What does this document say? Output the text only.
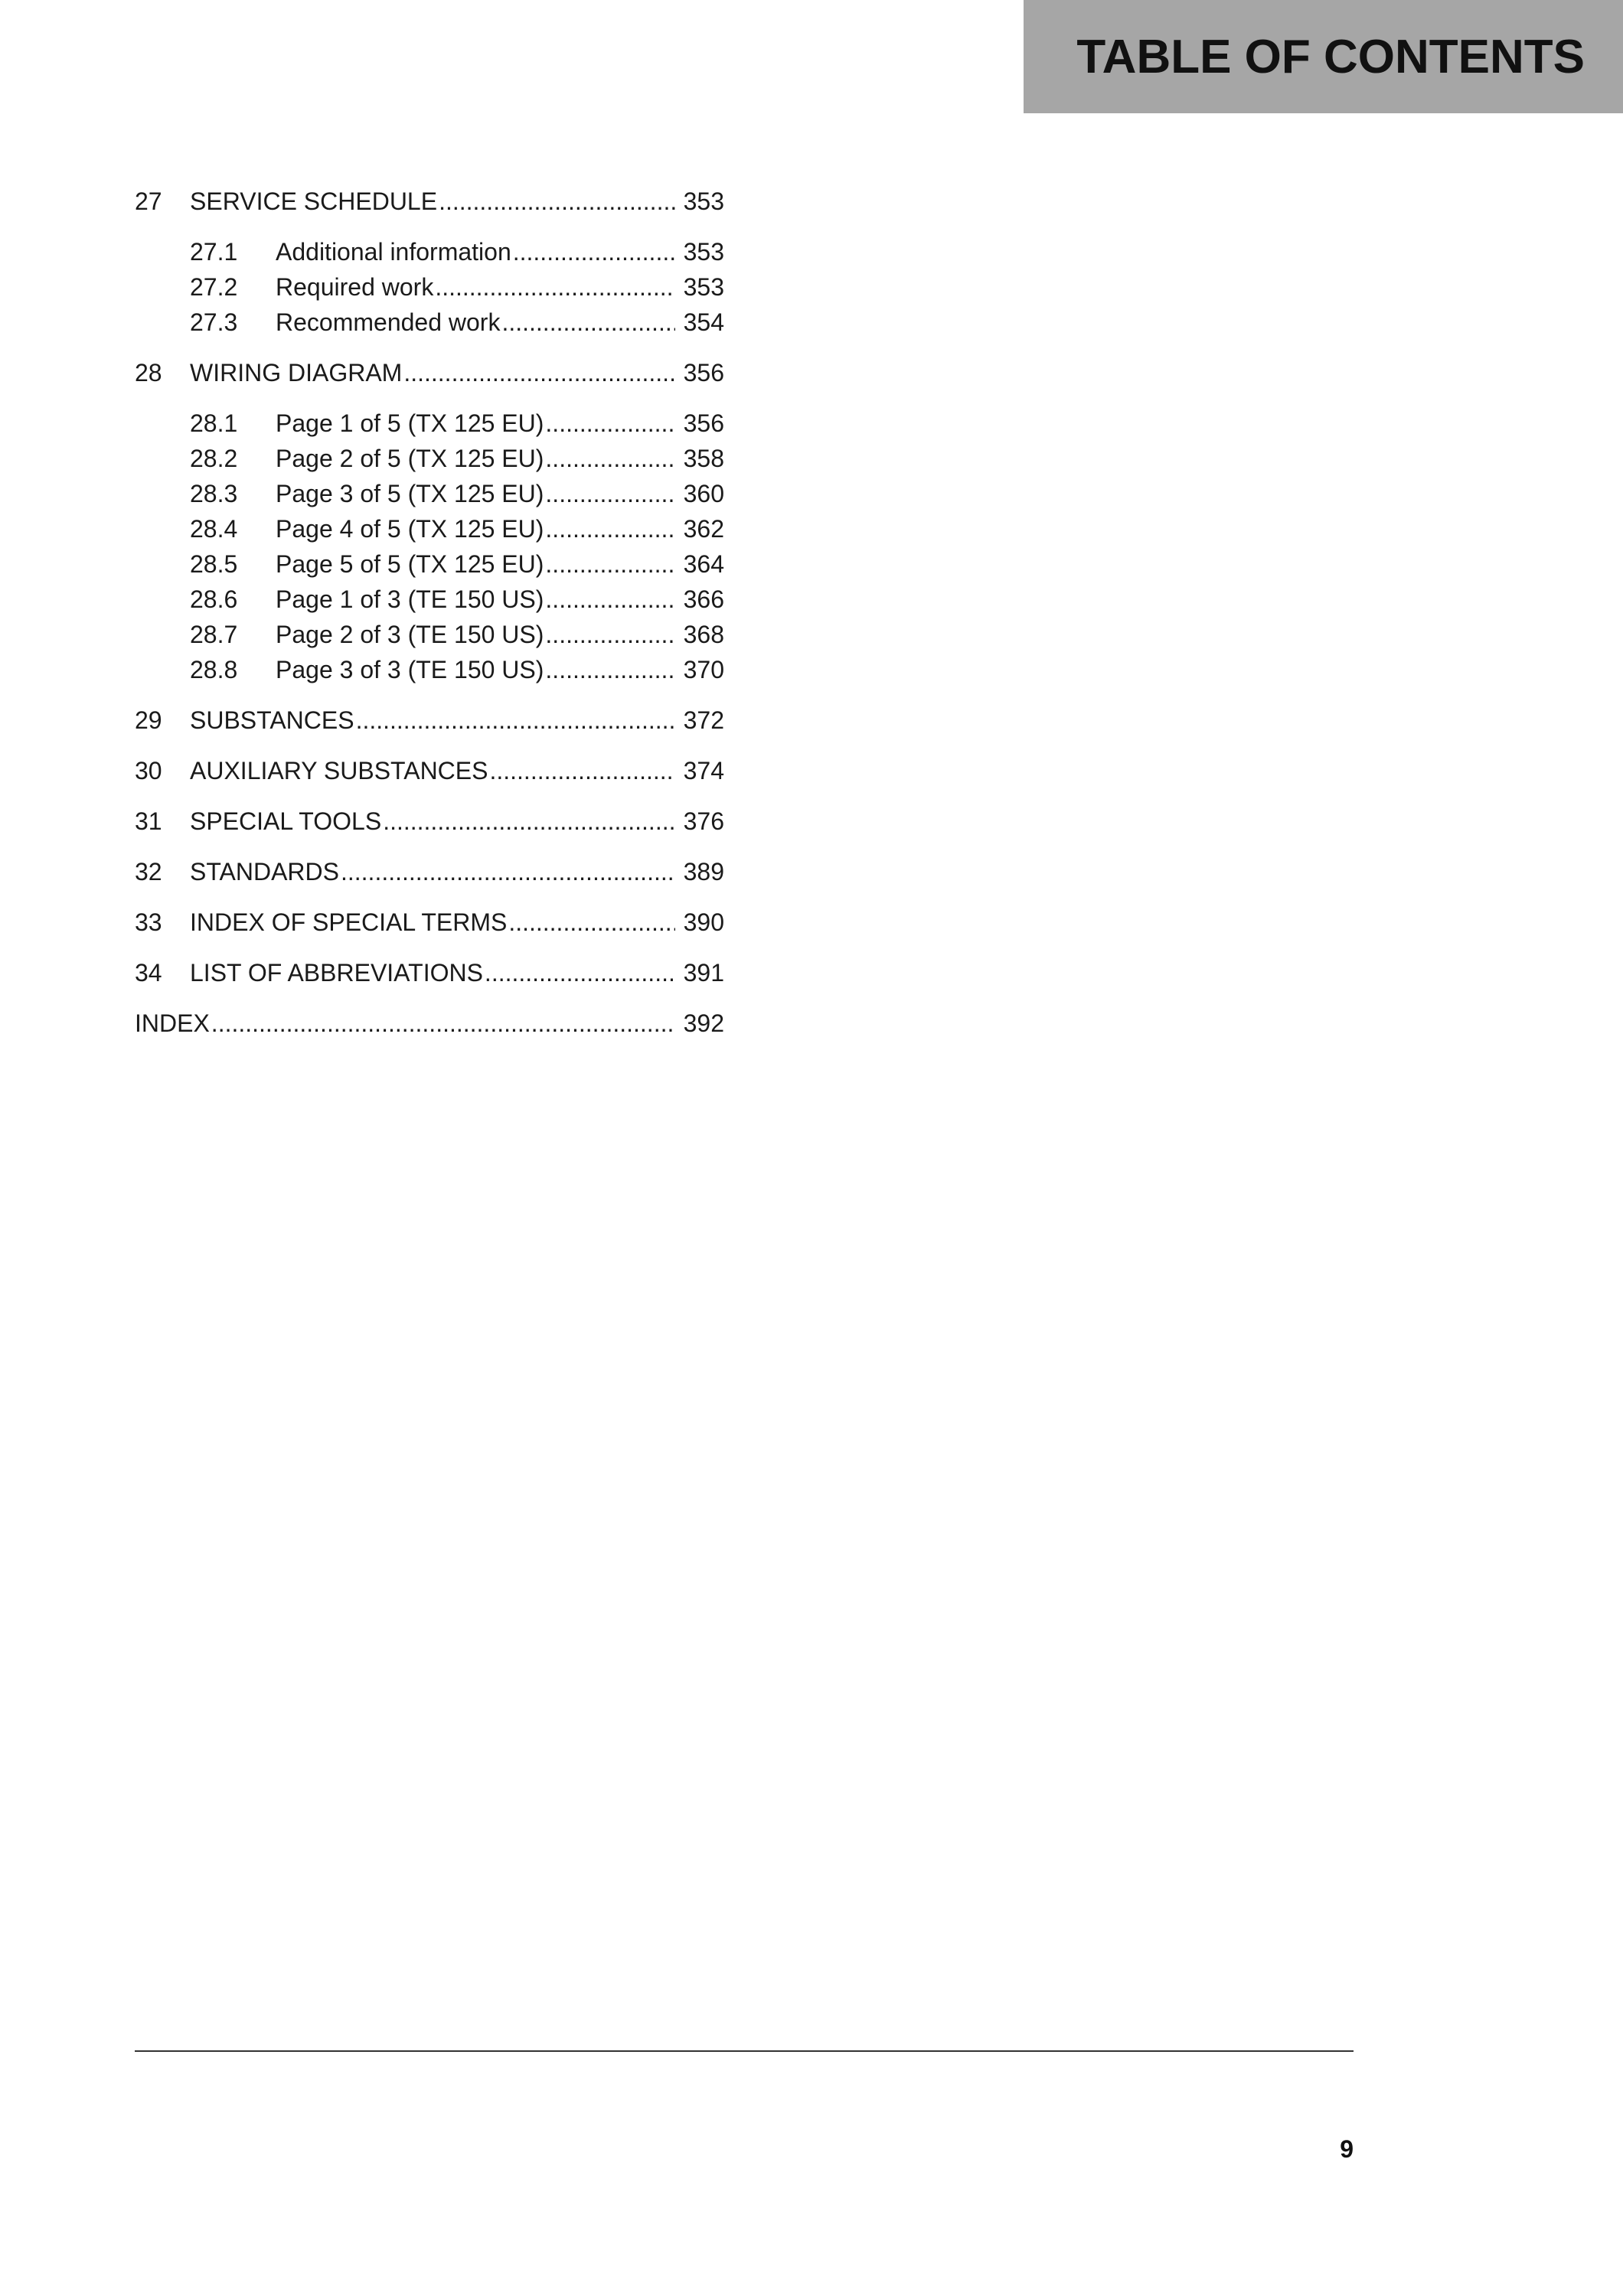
TABLE OF CONTENTS
27	SERVICE SCHEDULE .....	353
27.1	Additional information .....	353
27.2	Required work .....	353
27.3	Recommended work .....	354
28	WIRING DIAGRAM .....	356
28.1	Page 1 of 5 (TX 125 EU) .....	356
28.2	Page 2 of 5 (TX 125 EU) .....	358
28.3	Page 3 of 5 (TX 125 EU) .....	360
28.4	Page 4 of 5 (TX 125 EU) .....	362
28.5	Page 5 of 5 (TX 125 EU) .....	364
28.6	Page 1 of 3 (TE 150 US) .....	366
28.7	Page 2 of 3 (TE 150 US) .....	368
28.8	Page 3 of 3 (TE 150 US) .....	370
29	SUBSTANCES .....	372
30	AUXILIARY SUBSTANCES .....	374
31	SPECIAL TOOLS .....	376
32	STANDARDS .....	389
33	INDEX OF SPECIAL TERMS .....	390
34	LIST OF ABBREVIATIONS .....	391
INDEX .....	392
9
